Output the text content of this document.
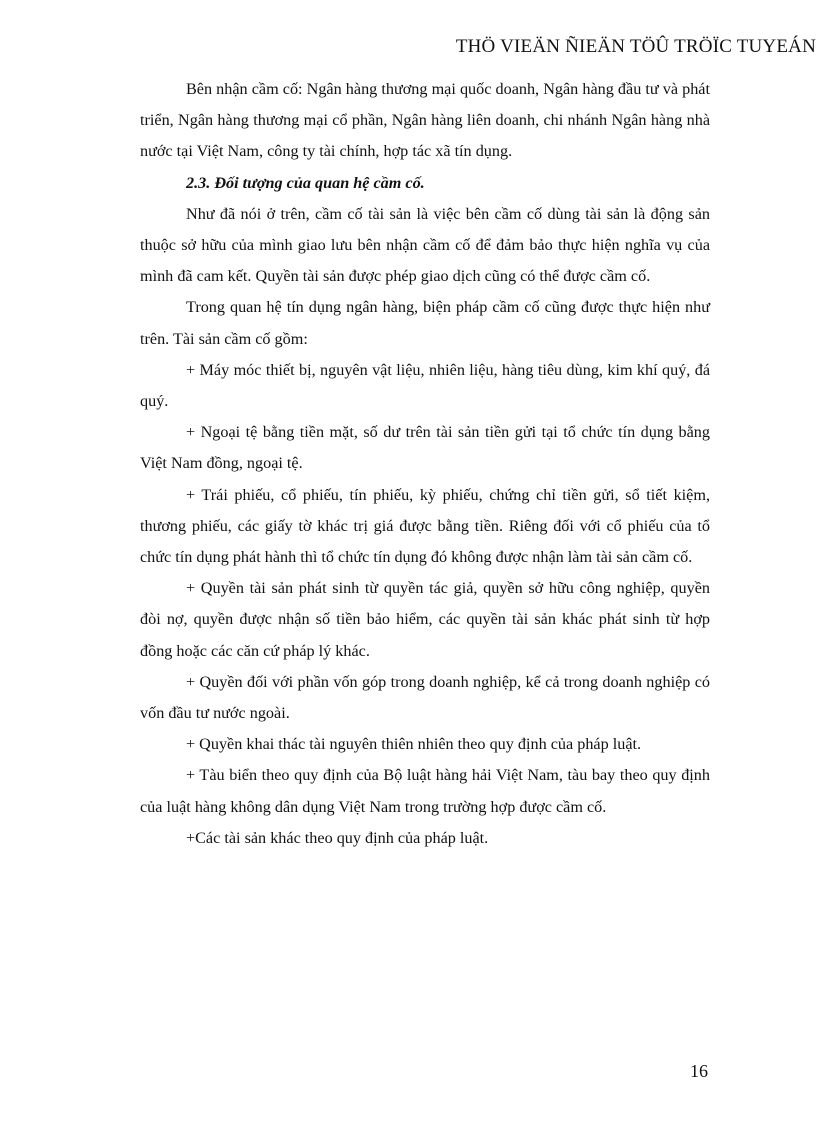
THÖ VIEÄN ÑIEÄN TÖÛ TRÖÏC TUYEÁN

Bên nhận cầm cố: Ngân hàng thương mại quốc doanh, Ngân hàng đầu tư và phát triển, Ngân hàng thương mại cổ phần, Ngân hàng liên doanh, chi nhánh Ngân hàng nhà nước tại Việt Nam, công ty tài chính, hợp tác xã tín dụng.

2.3. Đối tượng của quan hệ cầm cố.

Như đã nói ở trên, cầm cố tài sản là việc bên cầm cố dùng tài sản là động sản thuộc sở hữu của mình giao lưu bên nhận cầm cố để đảm bảo thực hiện nghĩa vụ của mình đã cam kết. Quyền tài sản được phép giao dịch cũng có thể được cầm cố.

Trong quan hệ tín dụng ngân hàng, biện pháp cầm cố cũng được thực hiện như trên. Tài sản cầm cố gồm:

+ Máy móc thiết bị, nguyên vật liệu, nhiên liệu, hàng tiêu dùng, kim khí quý, đá quý.

+ Ngoại tệ bằng tiền mặt, số dư trên tài sản tiền gửi tại tổ chức tín dụng bằng Việt Nam đồng, ngoại tệ.

+ Trái phiếu, cổ phiếu, tín phiếu, kỳ phiếu, chứng chỉ tiền gửi, sổ tiết kiệm, thương phiếu, các giấy tờ khác trị giá được bằng tiền. Riêng đối với cổ phiếu của tổ chức tín dụng phát hành thì tổ chức tín dụng đó không được nhận làm tài sản cầm cố.

+ Quyền tài sản phát sinh từ quyền tác giả, quyền sở hữu công nghiệp, quyền đòi nợ, quyền được nhận số tiền bảo hiểm, các quyền tài sản khác phát sinh từ hợp đồng hoặc các căn cứ pháp lý khác.

+ Quyền đối với phần vốn góp trong doanh nghiệp, kể cả trong doanh nghiệp có vốn đầu tư nước ngoài.

+ Quyền khai thác tài nguyên thiên nhiên theo quy định của pháp luật.

+ Tàu biển theo quy định của Bộ luật hàng hải Việt Nam, tàu bay theo quy định của luật hàng không dân dụng Việt Nam trong trường hợp được cầm cố.

+Các tài sản khác theo quy định của pháp luật.

16
